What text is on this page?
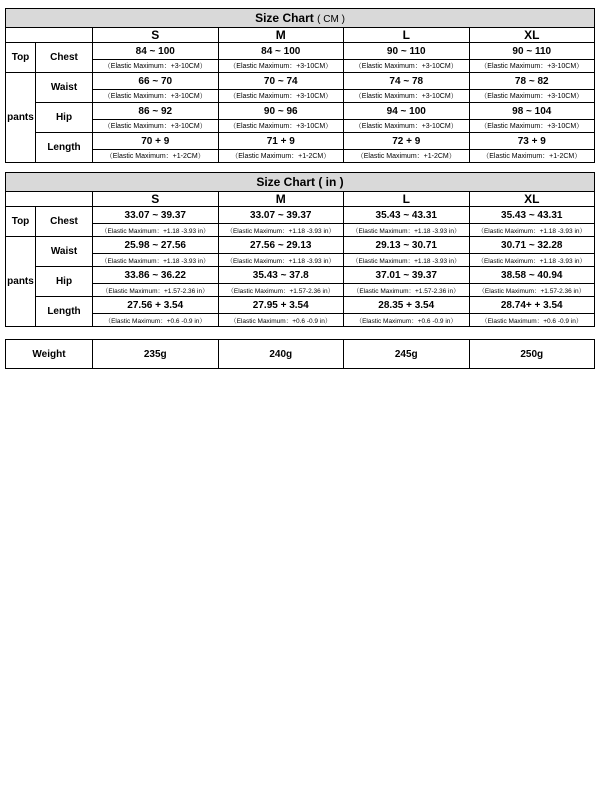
Size Chart ( CM )					
		S	M	L	XL
Top	Chest	84 ~ 100	84 ~ 100	90 ~ 110	90 ~ 110
		（Elastic Maximum：+3-10CM）	（Elastic Maximum：+3-10CM）	（Elastic Maximum：+3-10CM）	（Elastic Maximum：+3-10CM）
pants	Waist	66 ~ 70	70 ~ 74	74 ~ 78	78 ~ 82
		（Elastic Maximum：+3-10CM）	（Elastic Maximum：+3-10CM）	（Elastic Maximum：+3-10CM）	（Elastic Maximum：+3-10CM）
	Hip	86 ~ 92	90 ~ 96	94 ~ 100	98 ~ 104
		（Elastic Maximum：+3-10CM）	（Elastic Maximum：+3-10CM）	（Elastic Maximum：+3-10CM）	（Elastic Maximum：+3-10CM）
	Length	70 + 9	71 + 9	72 + 9	73 + 9
		（Elastic Maximum：+1-2CM）	（Elastic Maximum：+1-2CM）	（Elastic Maximum：+1-2CM）	（Elastic Maximum：+1-2CM）
Size Chart ( in )					
		S	M	L	XL
Top	Chest	33.07 ~ 39.37	33.07 ~ 39.37	35.43 ~ 43.31	35.43 ~ 43.31
		（Elastic Maximum：+1.18 -3.93 in）	（Elastic Maximum：+1.18 -3.93 in）	（Elastic Maximum：+1.18 -3.93 in）	（Elastic Maximum：+1.18 -3.93 in）
pants	Waist	25.98 ~ 27.56	27.56 ~ 29.13	29.13 ~ 30.71	30.71 ~ 32.28
		（Elastic Maximum：+1.18 -3.93 in）	（Elastic Maximum：+1.18 -3.93 in）	（Elastic Maximum：+1.18 -3.93 in）	（Elastic Maximum：+1.18 -3.93 in）
	Hip	33.86 ~ 36.22	35.43 ~ 37.8	37.01 ~ 39.37	38.58 ~ 40.94
		（Elastic Maximum：+1.57-2.36 in）	（Elastic Maximum：+1.57-2.36 in）	（Elastic Maximum：+1.57-2.36 in）	（Elastic Maximum：+1.57-2.36 in）
	Length	27.56 + 3.54	27.95 + 3.54	28.35 + 3.54	28.74+ + 3.54
		（Elastic Maximum：+0.6 -0.9 in）	（Elastic Maximum：+0.6 -0.9 in）	（Elastic Maximum：+0.6 -0.9 in）	（Elastic Maximum：+0.6 -0.9 in）
Weight	235g	240g	245g	250g
